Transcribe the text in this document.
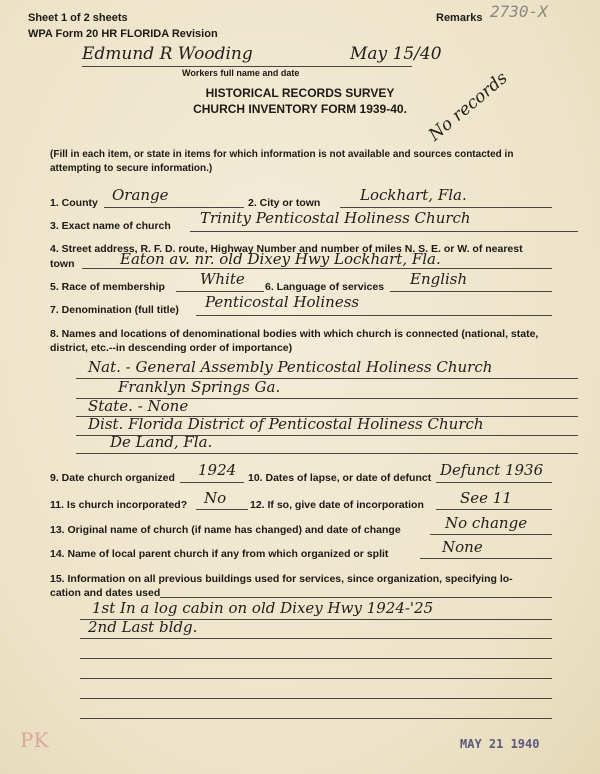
Sheet 1 of 2 sheets
WPA Form 20 HR FLORIDA Revision
Remarks 2730-X
Edmund R Wooding	May 15/40
Workers full name and date
HISTORICAL RECORDS SURVEY
CHURCH INVENTORY FORM 1939-40.	No records
(Fill in each item, or state in items for which information is not available and sources contacted in attempting to secure information.)
1. County Orange	2. City or town	Lockhart, Fla.
3. Exact name of church Trinity Penticostal Holiness Church
4. Street address, R. F. D. route, Highway Number and number of miles N. S. E. or W. of nearest
town	Eaton av. nr. old Dixey Hwy Lockhart, Fla.
5. Race of membership White 6. Language of services English
7. Denomination (full title) Penticostal Holiness
8. Names and locations of denominational bodies with which church is connected (national, state,
district, etc.--in descending order of importance)
Nat. - General Assembly Penticostal Holiness Church
Franklyn Springs Ga.
State. - None
Dist. Florida District of Penticostal Holiness Church
De Land, Fla.
9. Date church organized 1924 10. Dates of lapse, or date of defunct Defunct 1936
11. Is church incorporated? No 12. If so, give date of incorporation See 11
13. Original name of church (if name has changed) and date of change	No change
14. Name of local parent church if any from which organized or split	None
15. Information on all previous buildings used for services, since organization, specifying lo-
cation and dates used
1st In a log cabin on old Dixey Hwy 1924-'25
2nd Last bldg.
PK	MAY 21 1940
